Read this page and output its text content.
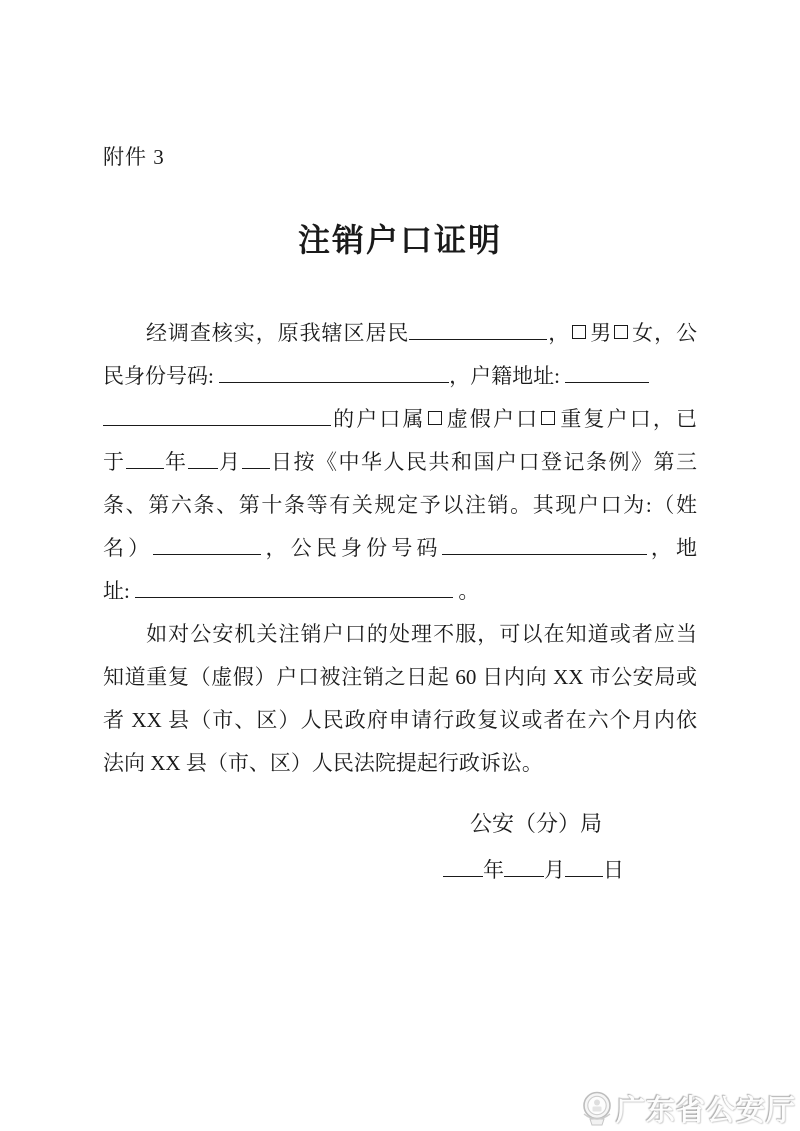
附件 3
注销户口证明
经调查核实，原我辖区居民	， 男 女，公
民身份号码:	，户籍地址:
的户口属 虚假户口 重复户口，已
于 年 月 日按《中华人民共和国户口登记条例》第三
条、第六条、第十条等有关规定予以注销。其现户口为:（姓
名）	，公民身份号码	，地
址:	。
如对公安机关注销户口的处理不服，可以在知道或者应当
知道重复（虚假）户口被注销之日起 60 日内向 XX 市公安局或
者 XX 县（市、区）人民政府申请行政复议或者在六个月内依
法向 XX 县（市、区）人民法院提起行政诉讼。
公安（分）局
年 月 日
广东省公安厅
